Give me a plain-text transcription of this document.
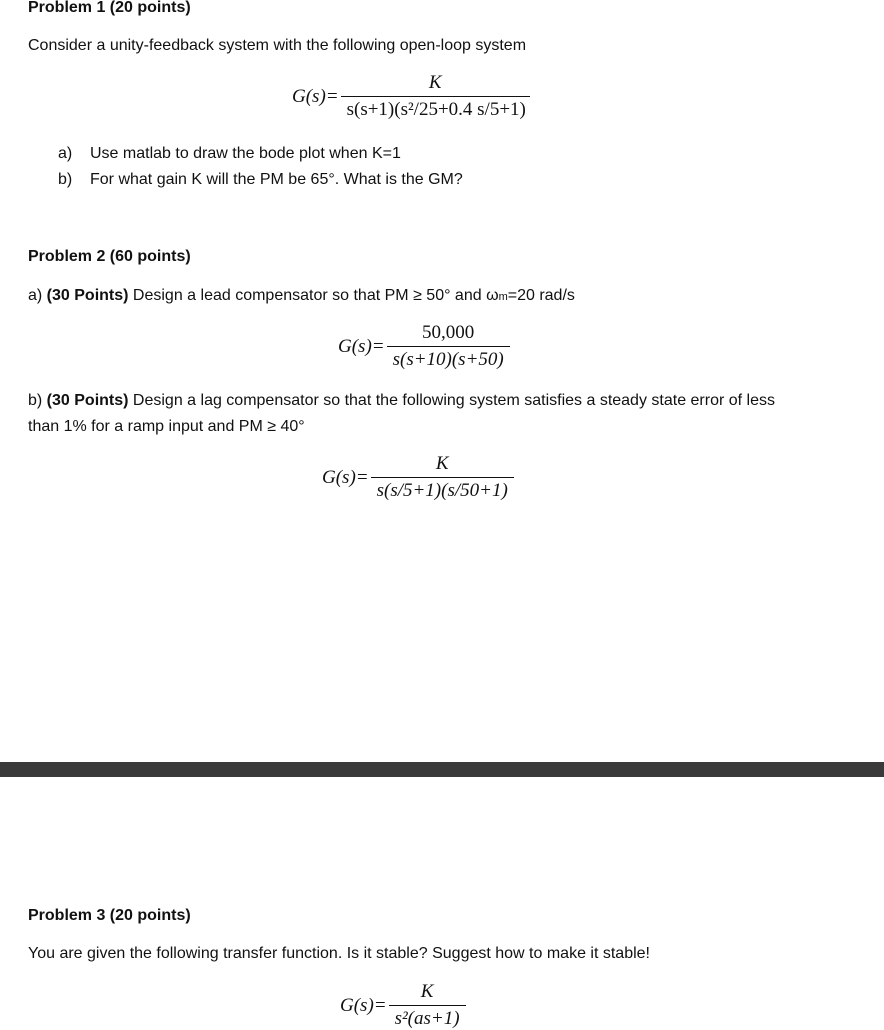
Problem 1 (20 points)
Consider a unity-feedback system with the following open-loop system
$G(s)= \frac{K}{\text{s(s+1)(s²/25+0.4 s/5+1)}}$
a) Use matlab to draw the bode plot when K=1
b) For what gain K will the PM be 65°. What is the GM?
Problem 2 (60 points)
a) (30 Points) Design a lead compensator so that PM ≥ 50° and ωm=20 rad/s
$G(s)= \frac{50,000}{s(s+10)(s+50)}$
b) (30 Points) Design a lag compensator so that the following system satisfies a steady state error of less
than 1% for a ramp input and PM ≥ 40°
$G(s)= \frac{K}{s(s/5+1)(s/50+1)}$
Problem 3 (20 points)
You are given the following transfer function. Is it stable? Suggest how to make it stable!
$G(s)= \frac{K}{\text{s²(as+1)}}$
